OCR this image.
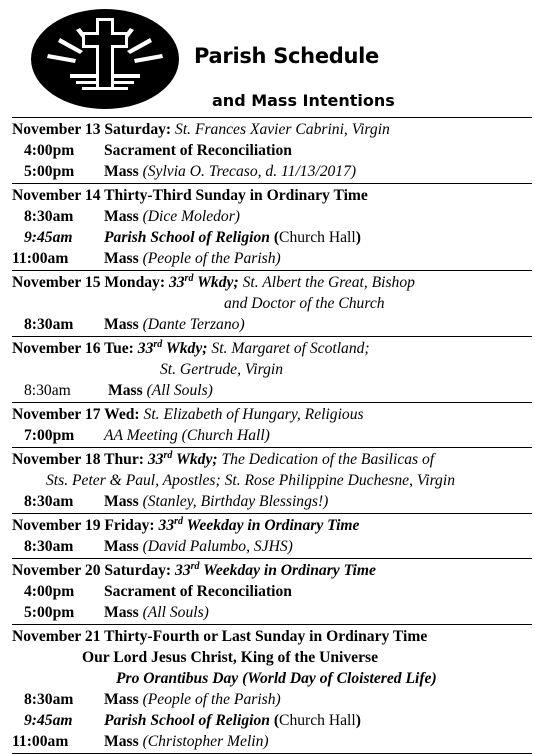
Parish Schedule
and Mass Intentions
November 13 Saturday: St. Frances Xavier Cabrini, Virgin
4:00pm Sacrament of Reconciliation
5:00pm Mass (Sylvia O. Trecaso, d. 11/13/2017)
November 14 Thirty-Third Sunday in Ordinary Time
8:30am Mass (Dice Moledor)
9:45am Parish School of Religion (Church Hall)
11:00am Mass (People of the Parish)
November 15 Monday: 33rd Wkdy; St. Albert the Great, Bishop
and Doctor of the Church
8:30am Mass (Dante Terzano)
November 16 Tue: 33rd Wkdy; St. Margaret of Scotland;
St. Gertrude, Virgin
8:30am Mass (All Souls)
November 17 Wed: St. Elizabeth of Hungary, Religious
7:00pm AA Meeting (Church Hall)
November 18 Thur: 33rd Wkdy; The Dedication of the Basilicas of
Sts. Peter & Paul, Apostles; St. Rose Philippine Duchesne, Virgin
8:30am Mass (Stanley, Birthday Blessings!)
November 19 Friday: 33rd Weekday in Ordinary Time
8:30am Mass (David Palumbo, SJHS)
November 20 Saturday: 33rd Weekday in Ordinary Time
4:00pm Sacrament of Reconciliation
5:00pm Mass (All Souls)
November 21 Thirty-Fourth or Last Sunday in Ordinary Time
Our Lord Jesus Christ, King of the Universe
Pro Orantibus Day (World Day of Cloistered Life)
8:30am Mass (People of the Parish)
9:45am Parish School of Religion (Church Hall)
11:00am Mass (Christopher Melin)
